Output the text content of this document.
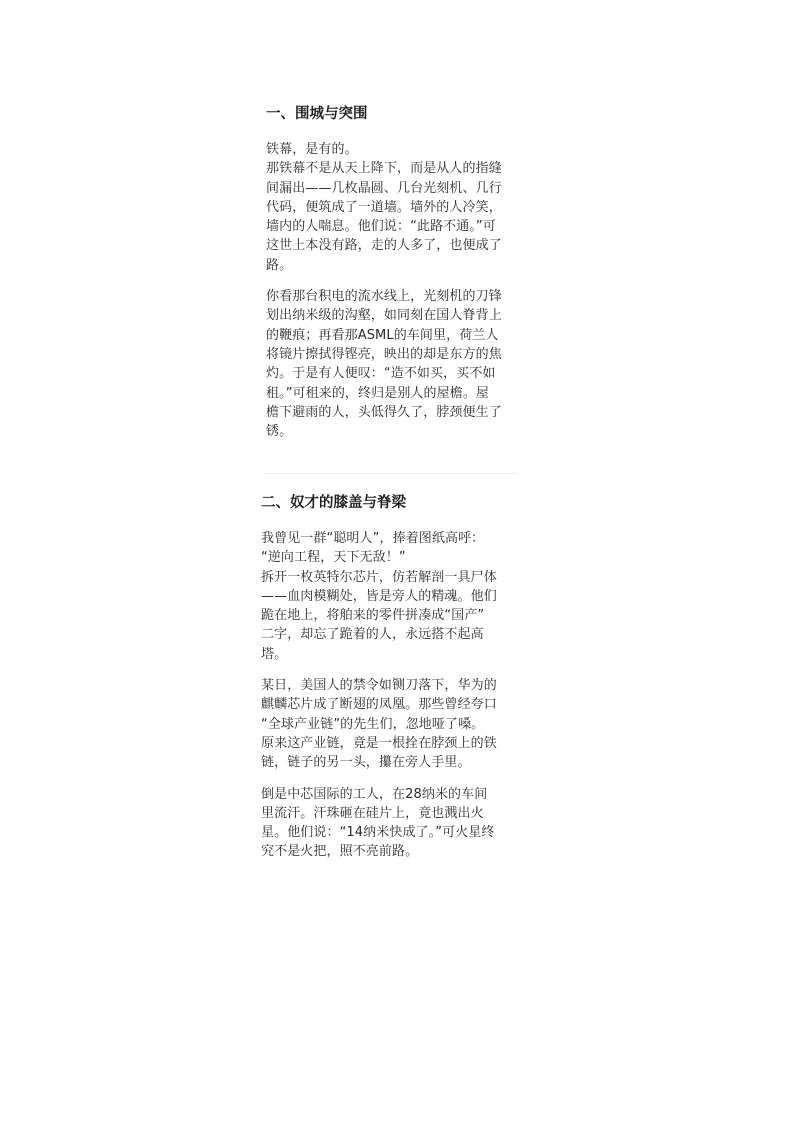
一、围城与突围

铁幕，是有的。
那铁幕不是从天上降下，而是从人的指缝
间漏出——几枚晶圆、几台光刻机、几行
代码，便筑成了一道墙。墙外的人冷笑，
墙内的人喘息。他们说：“此路不通。”可
这世上本没有路，走的人多了，也便成了
路。

你看那台积电的流水线上，光刻机的刀锋
划出纳米级的沟壑，如同刻在国人脊背上
的鞭痕；再看那ASML的车间里，荷兰人
将镜片擦拭得铿亮，映出的却是东方的焦
灼。于是有人便叹：“造不如买，买不如
租。”可租来的，终归是别人的屋檐。屋
檐下避雨的人，头低得久了，脖颈便生了
锈。

二、奴才的膝盖与脊梁

我曾见一群“聪明人”，捧着图纸高呼：
“逆向工程，天下无敌！”
拆开一枚英特尔芯片，仿若解剖一具尸体
——血肉模糊处，皆是旁人的精魂。他们
跪在地上，将舶来的零件拼凑成“国产”
二字，却忘了跪着的人，永远搭不起高
塔。

某日，美国人的禁令如铡刀落下，华为的
麒麟芯片成了断翅的凤凰。那些曾经夸口
“全球产业链”的先生们，忽地哑了嗓。
原来这产业链，竟是一根拴在脖颈上的铁
链，链子的另一头，攥在旁人手里。

倒是中芯国际的工人，在28纳米的车间
里流汗。汗珠砸在硅片上，竟也溅出火
星。他们说：“14纳米快成了。”可火星终
究不是火把，照不亮前路。
